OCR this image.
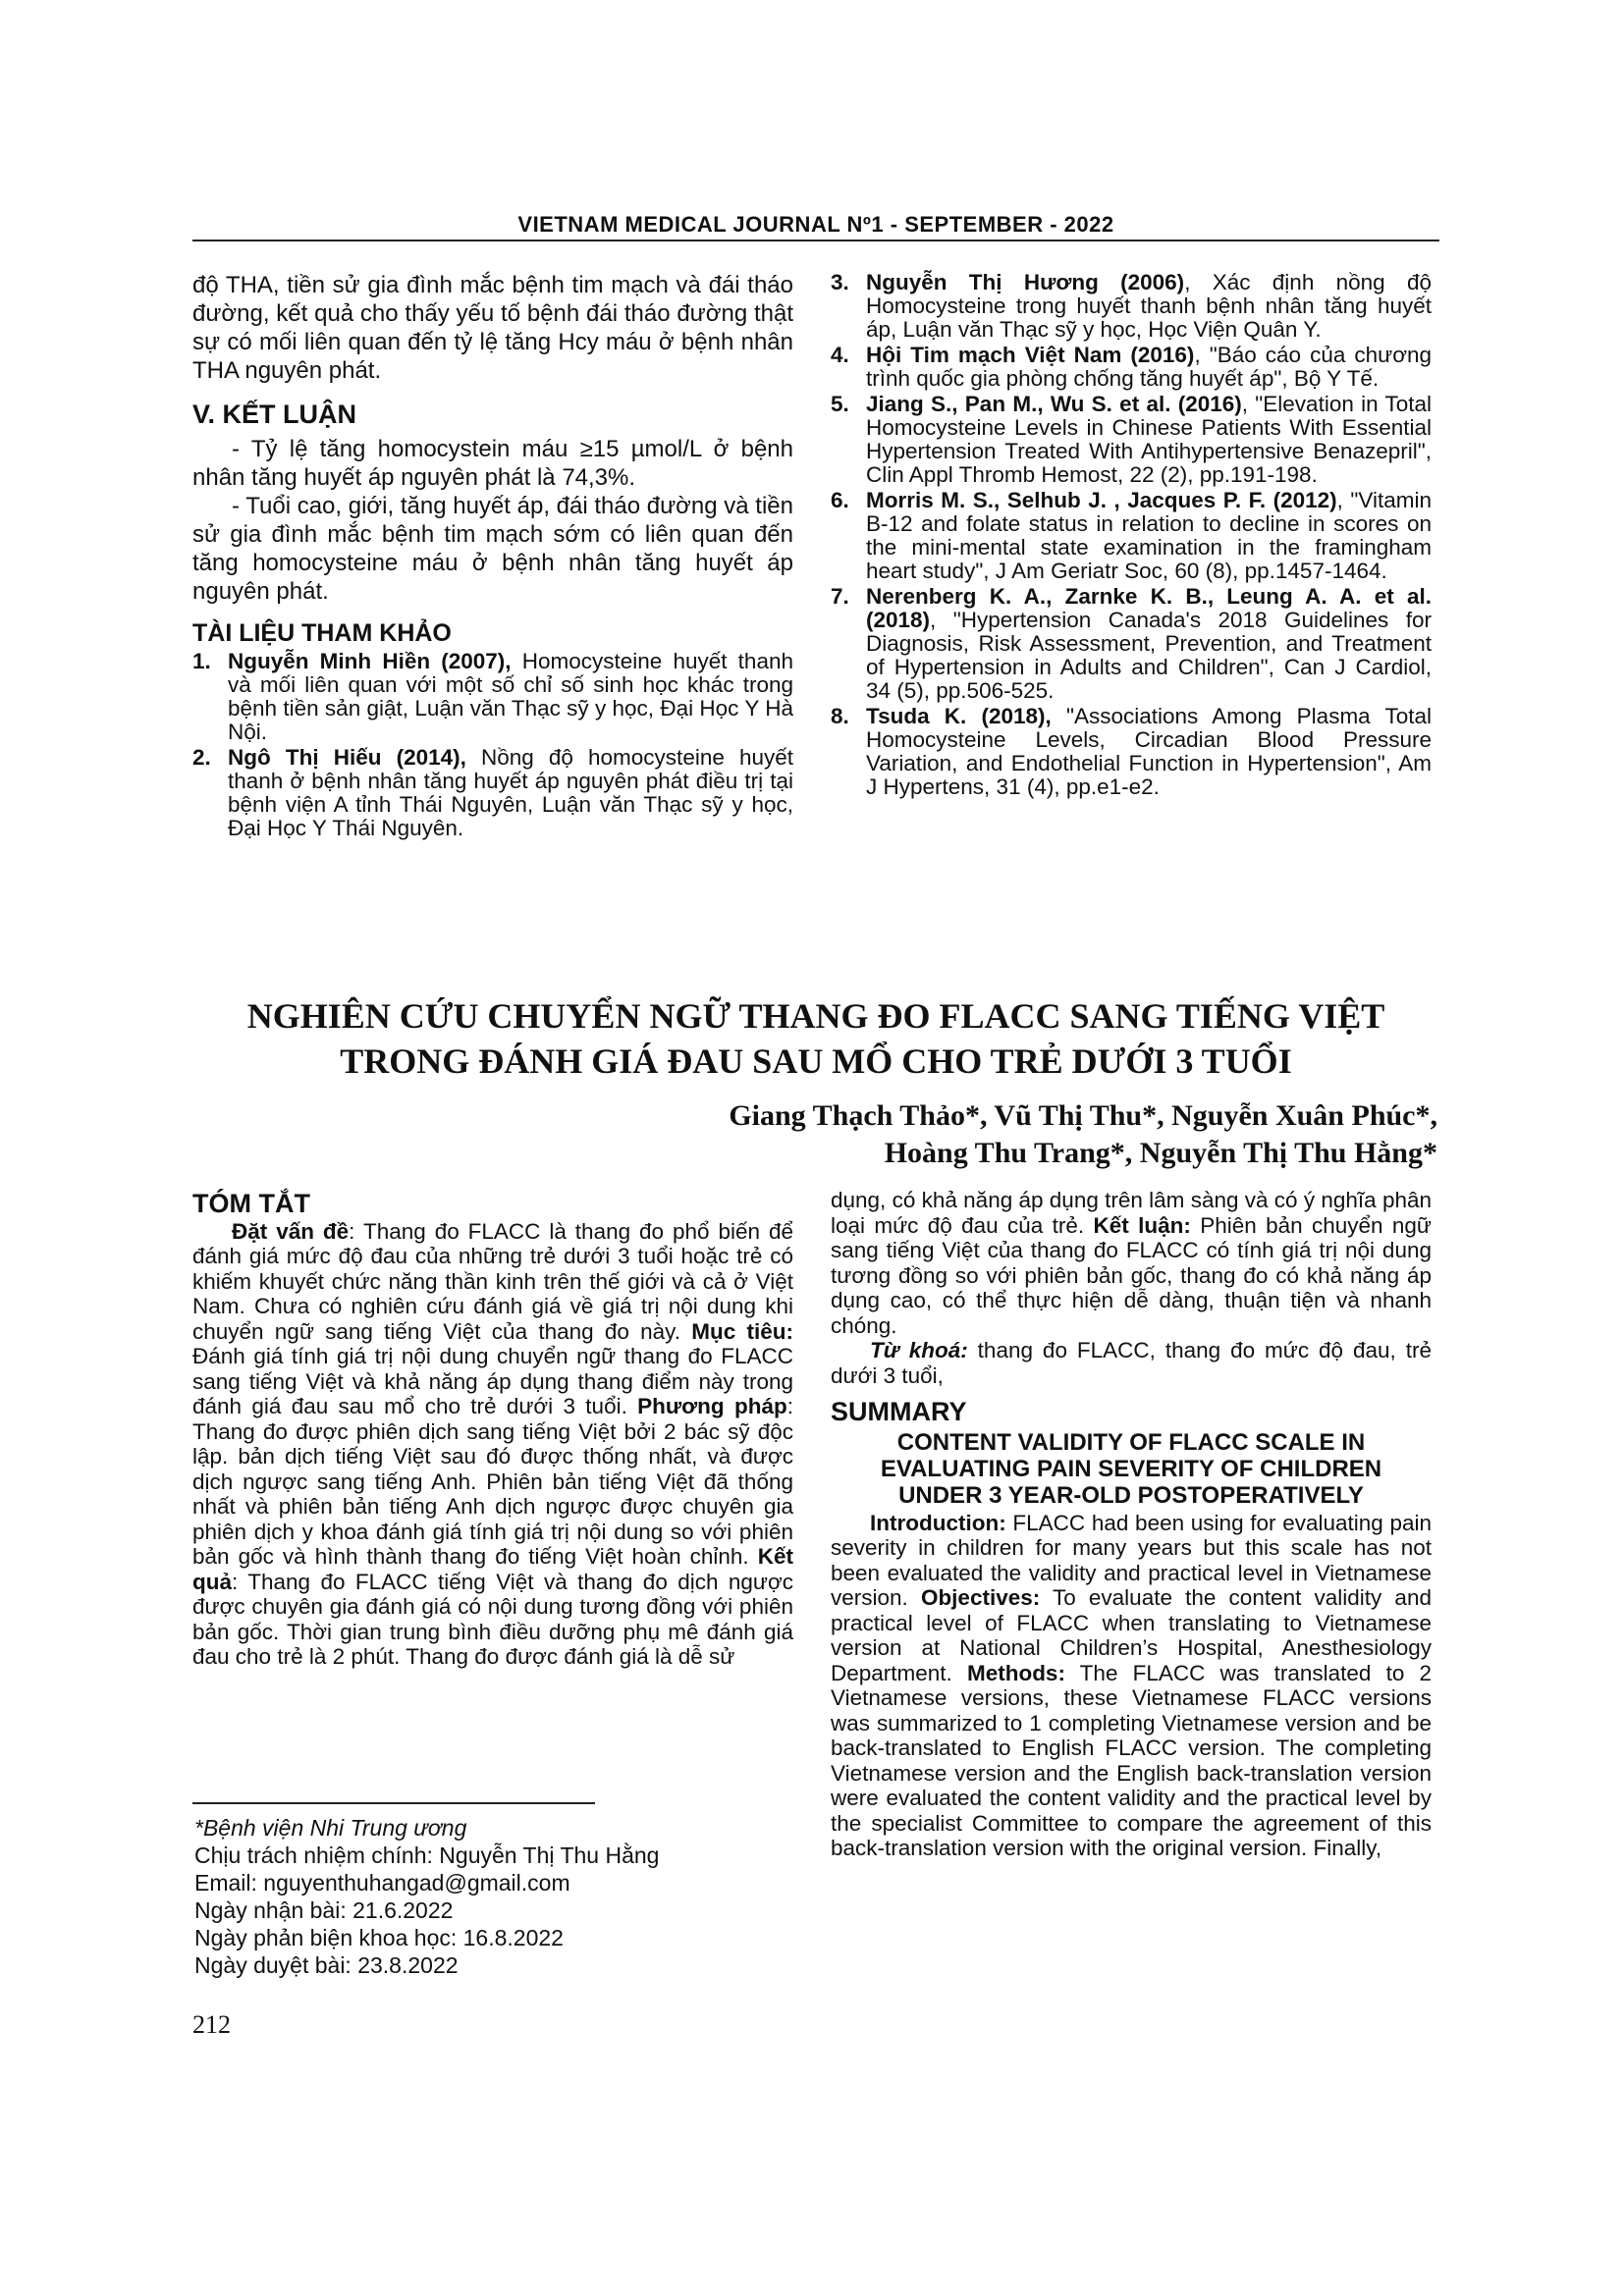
VIETNAM MEDICAL JOURNAL Nº1 - SEPTEMBER - 2022

độ THA, tiền sử gia đình mắc bệnh tim mạch và đái tháo đường, kết quả cho thấy yếu tố bệnh đái tháo đường thật sự có mối liên quan đến tỷ lệ tăng Hcy máu ở bệnh nhân THA nguyên phát.

V. KẾT LUẬN

- Tỷ lệ tăng homocystein máu ≥15 µmol/L ở bệnh nhân tăng huyết áp nguyên phát là 74,3%.

- Tuổi cao, giới, tăng huyết áp, đái tháo đường và tiền sử gia đình mắc bệnh tim mạch sớm có liên quan đến tăng homocysteine máu ở bệnh nhân tăng huyết áp nguyên phát.

TÀI LIỆU THAM KHẢO
1. Nguyễn Minh Hiền (2007), Homocysteine huyết thanh và mối liên quan với một số chỉ số sinh học khác trong bệnh tiền sản giật, Luận văn Thạc sỹ y học, Đại Học Y Hà Nội.
2. Ngô Thị Hiếu (2014), Nồng độ homocysteine huyết thanh ở bệnh nhân tăng huyết áp nguyên phát điều trị tại bệnh viện A tỉnh Thái Nguyên, Luận văn Thạc sỹ y học, Đại Học Y Thái Nguyên.
3. Nguyễn Thị Hương (2006), Xác định nồng độ Homocysteine trong huyết thanh bệnh nhân tăng huyết áp, Luận văn Thạc sỹ y học, Học Viện Quân Y.
4. Hội Tim mạch Việt Nam (2016), "Báo cáo của chương trình quốc gia phòng chống tăng huyết áp", Bộ Y Tế.
5. Jiang S., Pan M., Wu S. et al. (2016), "Elevation in Total Homocysteine Levels in Chinese Patients With Essential Hypertension Treated With Antihypertensive Benazepril", Clin Appl Thromb Hemost, 22 (2), pp.191-198.
6. Morris M. S., Selhub J. , Jacques P. F. (2012), "Vitamin B-12 and folate status in relation to decline in scores on the mini-mental state examination in the framingham heart study", J Am Geriatr Soc, 60 (8), pp.1457-1464.
7. Nerenberg K. A., Zarnke K. B., Leung A. A. et al. (2018), "Hypertension Canada's 2018 Guidelines for Diagnosis, Risk Assessment, Prevention, and Treatment of Hypertension in Adults and Children", Can J Cardiol, 34 (5), pp.506-525.
8. Tsuda K. (2018), "Associations Among Plasma Total Homocysteine Levels, Circadian Blood Pressure Variation, and Endothelial Function in Hypertension", Am J Hypertens, 31 (4), pp.e1-e2.
NGHIÊN CỨU CHUYỂN NGỮ THANG ĐO FLACC SANG TIẾNG VIỆT
TRONG ĐÁNH GIÁ ĐAU SAU MỔ CHO TRẺ DƯỚI 3 TUỔI
Giang Thạch Thảo*, Vũ Thị Thu*, Nguyễn Xuân Phúc*,
Hoàng Thu Trang*, Nguyễn Thị Thu Hằng*
TÓM TẮT

Đặt vấn đề: Thang đo FLACC là thang đo phổ biến để đánh giá mức độ đau của những trẻ dưới 3 tuổi hoặc trẻ có khiếm khuyết chức năng thần kinh trên thế giới và cả ở Việt Nam. Chưa có nghiên cứu đánh giá về giá trị nội dung khi chuyển ngữ sang tiếng Việt của thang đo này. Mục tiêu: Đánh giá tính giá trị nội dung chuyển ngữ thang đo FLACC sang tiếng Việt và khả năng áp dụng thang điểm này trong đánh giá đau sau mổ cho trẻ dưới 3 tuổi. Phương pháp: Thang đo được phiên dịch sang tiếng Việt bởi 2 bác sỹ độc lập. bản dịch tiếng Việt sau đó được thống nhất, và được dịch ngược sang tiếng Anh. Phiên bản tiếng Việt đã thống nhất và phiên bản tiếng Anh dịch ngược được chuyên gia phiên dịch y khoa đánh giá tính giá trị nội dung so với phiên bản gốc và hình thành thang đo tiếng Việt hoàn chỉnh. Kết quả: Thang đo FLACC tiếng Việt và thang đo dịch ngược được chuyên gia đánh giá có nội dung tương đồng với phiên bản gốc. Thời gian trung bình điều dưỡng phụ mê đánh giá đau cho trẻ là 2 phút. Thang đo được đánh giá là dễ sử

*Bệnh viện Nhi Trung ương
Chịu trách nhiệm chính: Nguyễn Thị Thu Hằng
Email: nguyenthuhangad@gmail.com
Ngày nhận bài: 21.6.2022
Ngày phản biện khoa học: 16.8.2022
Ngày duyệt bài: 23.8.2022

dụng, có khả năng áp dụng trên lâm sàng và có ý nghĩa phân loại mức độ đau của trẻ. Kết luận: Phiên bản chuyển ngữ sang tiếng Việt của thang đo FLACC có tính giá trị nội dung tương đồng so với phiên bản gốc, thang đo có khả năng áp dụng cao, có thể thực hiện dễ dàng, thuận tiện và nhanh chóng.

Từ khoá: thang đo FLACC, thang đo mức độ đau, trẻ dưới 3 tuổi,

SUMMARY
CONTENT VALIDITY OF FLACC SCALE IN
EVALUATING PAIN SEVERITY OF CHILDREN
UNDER 3 YEAR-OLD POSTOPERATIVELY

Introduction: FLACC had been using for evaluating pain severity in children for many years but this scale has not been evaluated the validity and practical level in Vietnamese version. Objectives: To evaluate the content validity and practical level of FLACC when translating to Vietnamese version at National Children’s Hospital, Anesthesiology Department. Methods: The FLACC was translated to 2 Vietnamese versions, these Vietnamese FLACC versions was summarized to 1 completing Vietnamese version and be back-translated to English FLACC version. The completing Vietnamese version and the English back-translation version were evaluated the content validity and the practical level by the specialist Committee to compare the agreement of this back-translation version with the original version. Finally,

212
